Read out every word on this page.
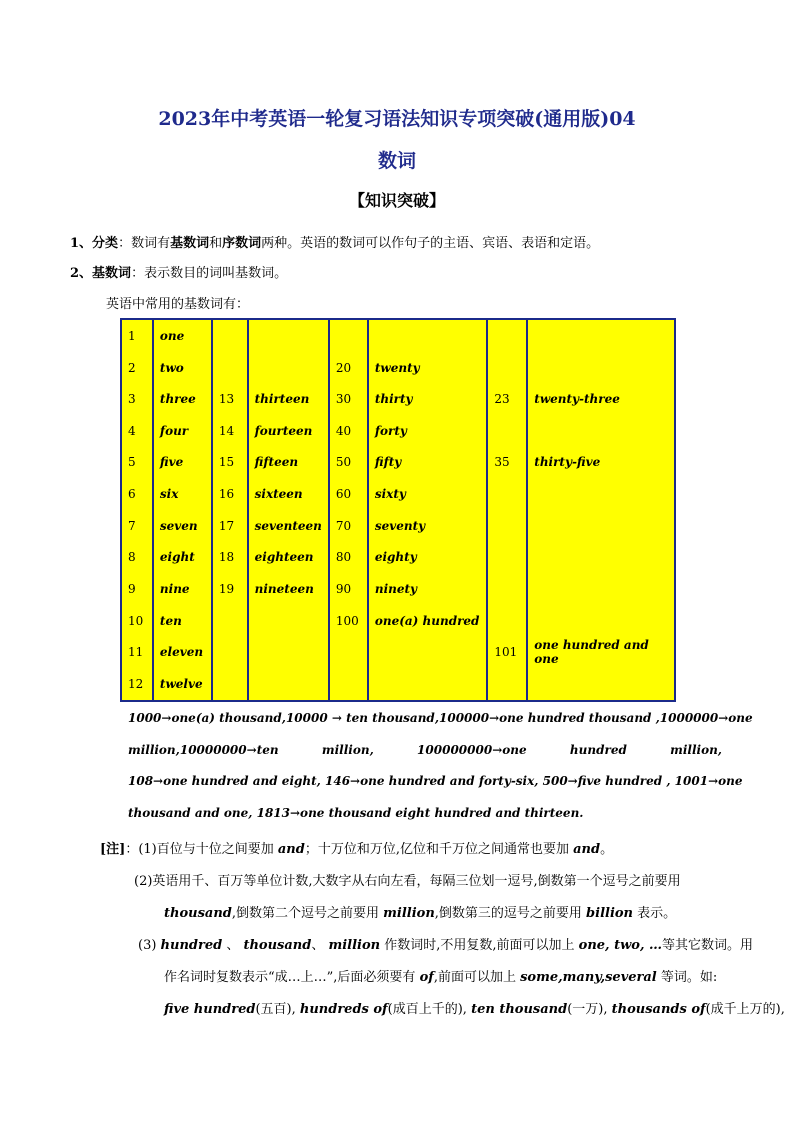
2023年中考英语一轮复习语法知识专项突破(通用版)04
数词
【知识突破】
1、分类：数词有基数词和序数词两种。英语的数词可以作句子的主语、宾语、表语和定语。
2、基数词：表示数目的词叫基数词。
英语中常用的基数词有：
1	one						
2	two			20	twenty		
3	three	13	thirteen	30	thirty	23	twenty-three
4	four	14	fourteen	40	forty		
5	five	15	fifteen	50	fifty	35	thirty-five
6	six	16	sixteen	60	sixty		
7	seven	17	seventeen	70	seventy		
8	eight	18	eighteen	80	eighty		
9	nine	19	nineteen	90	ninety		
10	ten			100	one(a) hundred		
11	eleven					101	one hundred and one
12	twelve						
1000→one(a) thousand,10000 → ten thousand,100000→one hundred thousand ,1000000→one
million,10000000→ten million, 100000000→one hundred million,
108→one hundred and eight, 146→one hundred and forty-six, 500→five hundred , 1001→one
thousand and one, 1813→one thousand eight hundred and thirteen.
[注]：(1)百位与十位之间要加 and；十万位和万位,亿位和千万位之间通常也要加 and。
(2)英语用千、百万等单位计数,大数字从右向左看，每隔三位划一逗号,倒数第一个逗号之前要用
thousand,倒数第二个逗号之前要用 million,倒数第三的逗号之前要用 billion 表示。
(3) hundred 、 thousand、 million 作数词时,不用复数,前面可以加上 one, two, …等其它数词。用
作名词时复数表示“成…上…”,后面必须要有 of,前面可以加上 some,many,several 等词。如:
five hundred(五百), hundreds of(成百上千的), ten thousand(一万), thousands of(成千上万的),
